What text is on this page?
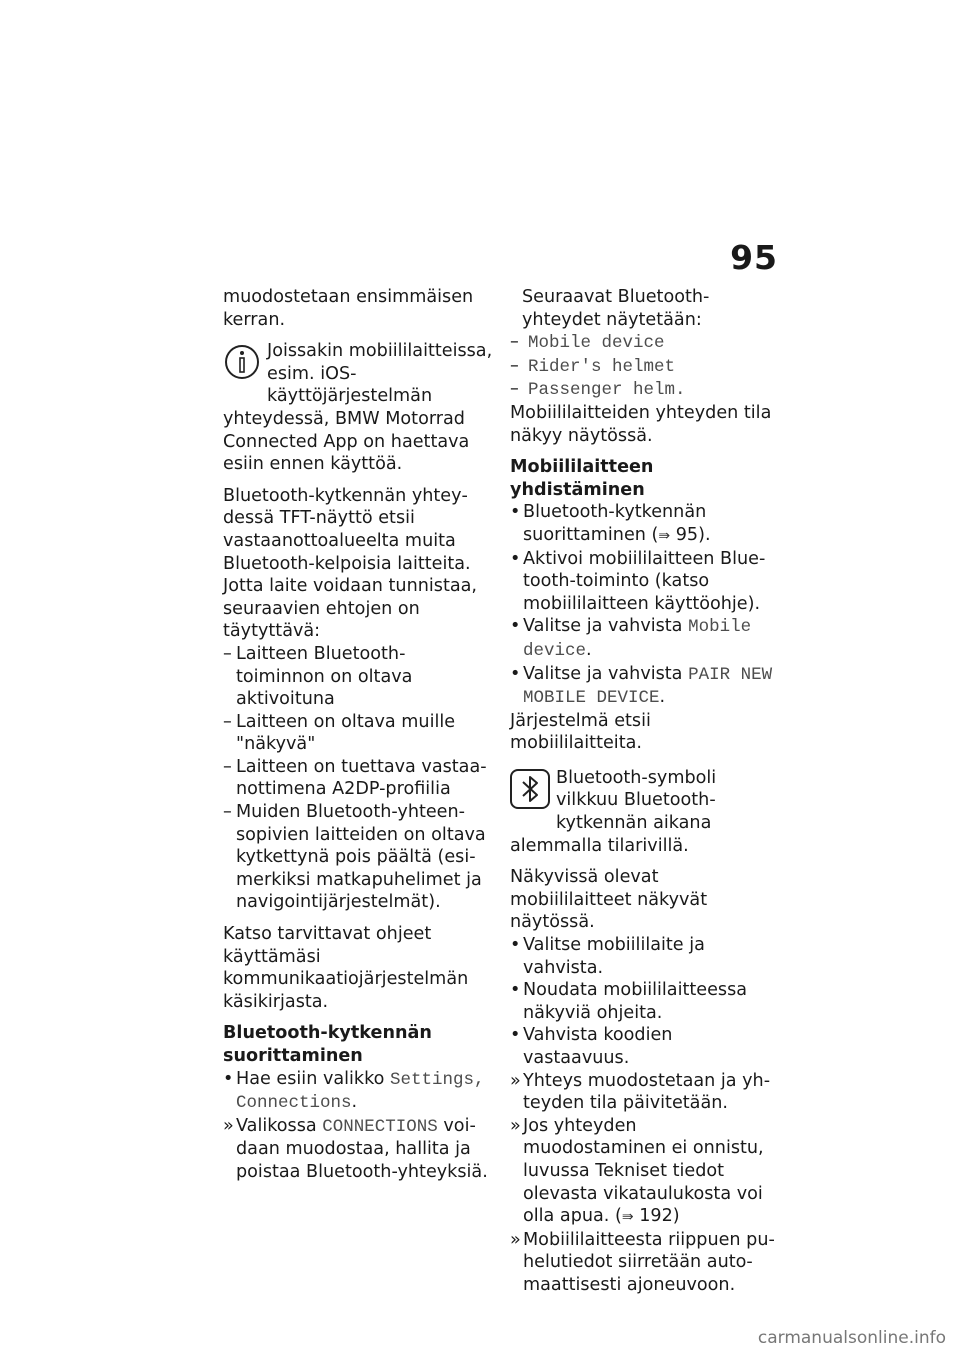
95

muodostetaan ensimmäisen kerran.

Joissakin mobiililaitteissa, esim. iOS-käyttöjärjestelmän yhteydessä, BMW Motorrad Connected App on haettava esiin ennen käyttöä.

Bluetooth-kytkennän yhteydessä TFT-näyttö etsii vastaanottoalueelta muita Bluetooth-kelpoisia laitteita. Jotta laite voidaan tunnistaa, seuraavien ehtojen on täytyttävä:

– Laitteen Bluetooth-toiminnon on oltava aktivoituna
– Laitteen on oltava muille "näkyvä"
– Laitteen on tuettava vastaanottimena A2DP-profiilia
– Muiden Bluetooth-yhteensopivien laitteiden on oltava kytkettynä pois päältä (esimerkiksi matkapuhelimet ja navigointijärjestelmät).

Katso tarvittavat ohjeet käyttämäsi kommunikaatiojärjestelmän käsikirjasta.

Bluetooth-kytkennän suorittaminen

• Hae esiin valikko Settings, Connections.
» Valikossa CONNECTIONS voidaan muodostaa, hallita ja poistaa Bluetooth-yhteyksiä.

Seuraavat Bluetooth-yhteydet näytetään:

– Mobile device
– Rider's helmet
– Passenger helm.

Mobiililaitteiden yhteyden tila näkyy näytössä.

Mobiililaitteen yhdistäminen

• Bluetooth-kytkennän suorittaminen (⇛ 95).
• Aktivoi mobiililaitteen Bluetooth-toiminto (katso mobiililaitteen käyttöohje).
• Valitse ja vahvista Mobile device.
• Valitse ja vahvista PAIR NEW MOBILE DEVICE.

Järjestelmä etsii mobiililaitteita.

Bluetooth-symboli vilkkuu Bluetooth-kytkennän aikana alemmalla tilarivillä.

Näkyvissä olevat mobiililaitteet näkyvät näytössä.

• Valitse mobiililaite ja vahvista.
• Noudata mobiililaitteessa näkyviä ohjeita.
• Vahvista koodien vastaavuus.
» Yhteys muodostetaan ja yhteyden tila päivitetään.
» Jos yhteyden muodostaminen ei onnistu, luvussa Tekniset tiedot olevasta vikataulukosta voi olla apua. (⇛ 192)
» Mobiililaitteesta riippuen puhelutiedot siirretään automaattisesti ajoneuvoon.
carmanualsonline.info
